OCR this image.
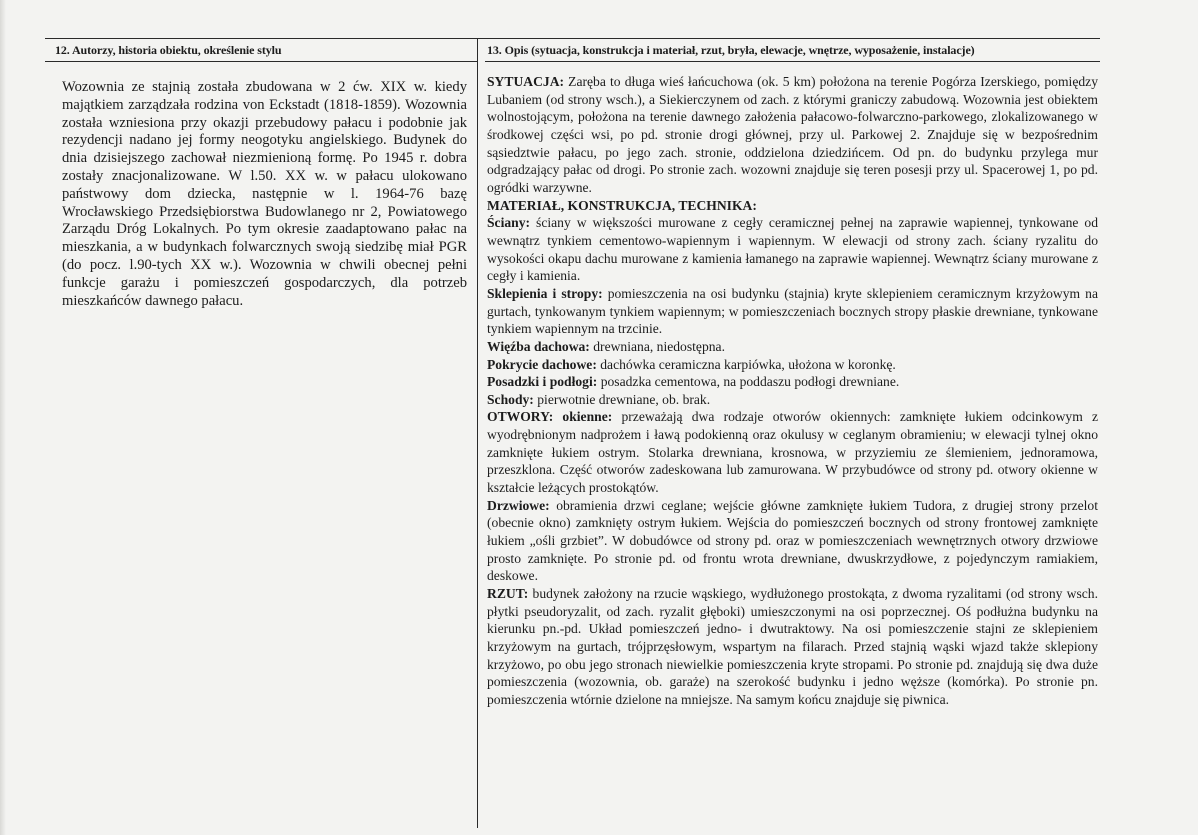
12. Autorzy, historia obiektu, określenie stylu
Wozownia ze stajnią została zbudowana w 2 ćw. XIX w. kiedy majątkiem zarządzała rodzina von Eckstadt (1818-1859). Wozownia została wzniesiona przy okazji przebudowy pałacu i podobnie jak rezydencji nadano jej formy neogotyku angielskiego. Budynek do dnia dzisiejszego zachował niezmienioną formę. Po 1945 r. dobra zostały znacjonalizowane. W l.50. XX w. w pałacu ulokowano państwowy dom dziecka, następnie w l. 1964-76 bazę Wrocławskiego Przedsiębiorstwa Budowlanego nr 2, Powiatowego Zarządu Dróg Lokalnych. Po tym okresie zaadaptowano pałac na mieszkania, a w budynkach folwarcznych swoją siedzibę miał PGR (do pocz. l.90-tych XX w.). Wozownia w chwili obecnej pełni funkcje garażu i pomieszczeń gospodarczych, dla potrzeb mieszkańców dawnego pałacu.
13. Opis (sytuacja, konstrukcja i materiał, rzut, bryła, elewacje, wnętrze, wyposażenie, instalacje)

SYTUACJA: Zaręba to długa wieś łańcuchowa (ok. 5 km) położona na terenie Pogórza Izerskiego, pomiędzy Lubaniem (od strony wsch.), a Siekierczynem od zach. z którymi graniczy zabudową. Wozownia jest obiektem wolnostojącym, położona na terenie dawnego założenia pałacowo-folwarczno-parkowego, zlokalizowanego w środkowej części wsi, po pd. stronie drogi głównej, przy ul. Parkowej 2. Znajduje się w bezpośrednim sąsiedztwie pałacu, po jego zach. stronie, oddzielona dziedzińcem. Od pn. do budynku przylega mur odgradzający pałac od drogi. Po stronie zach. wozowni znajduje się teren posesji przy ul. Spacerowej 1, po pd. ogródki warzywne.

MATERIAŁ, KONSTRUKCJA, TECHNIKA:

Ściany: ściany w większości murowane z cegły ceramicznej pełnej na zaprawie wapiennej, tynkowane od wewnątrz tynkiem cementowo-wapiennym i wapiennym. W elewacji od strony zach. ściany ryzalitu do wysokości okapu dachu murowane z kamienia łamanego na zaprawie wapiennej. Wewnątrz ściany murowane z cegły i kamienia.

Sklepienia i stropy: pomieszczenia na osi budynku (stajnia) kryte sklepieniem ceramicznym krzyżowym na gurtach, tynkowanym tynkiem wapiennym; w pomieszczeniach bocznych stropy płaskie drewniane, tynkowane tynkiem wapiennym na trzcinie.

Więźba dachowa: drewniana, niedostępna.

Pokrycie dachowe: dachówka ceramiczna karpiówka, ułożona w koronkę.

Posadzki i podłogi: posadzka cementowa, na poddaszu podłogi drewniane.

Schody: pierwotnie drewniane, ob. brak.

OTWORY: okienne: przeważają dwa rodzaje otworów okiennych: zamknięte łukiem odcinkowym z wyodrębnionym nadprożem i ławą podokienną oraz okulusy w ceglanym obramieniu; w elewacji tylnej okno zamknięte łukiem ostrym. Stolarka drewniana, krosnowa, w przyziemiu ze ślemieniem, jednoramowa, przeszklona. Część otworów zadeskowana lub zamurowana. W przybudówce od strony pd. otwory okienne w kształcie leżących prostokątów.

Drzwiowe: obramienia drzwi ceglane; wejście główne zamknięte łukiem Tudora, z drugiej strony przelot (obecnie okno) zamknięty ostrym łukiem. Wejścia do pomieszczeń bocznych od strony frontowej zamknięte łukiem „ośli grzbiet”. W dobudówce od strony pd. oraz w pomieszczeniach wewnętrznych otwory drzwiowe prosto zamknięte. Po stronie pd. od frontu wrota drewniane, dwuskrzydłowe, z pojedynczym ramiakiem, deskowe.

RZUT: budynek założony na rzucie wąskiego, wydłużonego prostokąta, z dwoma ryzalitami (od strony wsch. płytki pseudoryzalit, od zach. ryzalit głęboki) umieszczonymi na osi poprzecznej. Oś podłużna budynku na kierunku pn.-pd. Układ pomieszczeń jedno- i dwutraktowy. Na osi pomieszczenie stajni ze sklepieniem krzyżowym na gurtach, trójprzęsłowym, wspartym na filarach. Przed stajnią wąski wjazd także sklepiony krzyżowo, po obu jego stronach niewielkie pomieszczenia kryte stropami. Po stronie pd. znajdują się dwa duże pomieszczenia (wozownia, ob. garaże) na szerokość budynku i jedno węższe (komórka). Po stronie pn. pomieszczenia wtórnie dzielone na mniejsze. Na samym końcu znajduje się piwnica.
